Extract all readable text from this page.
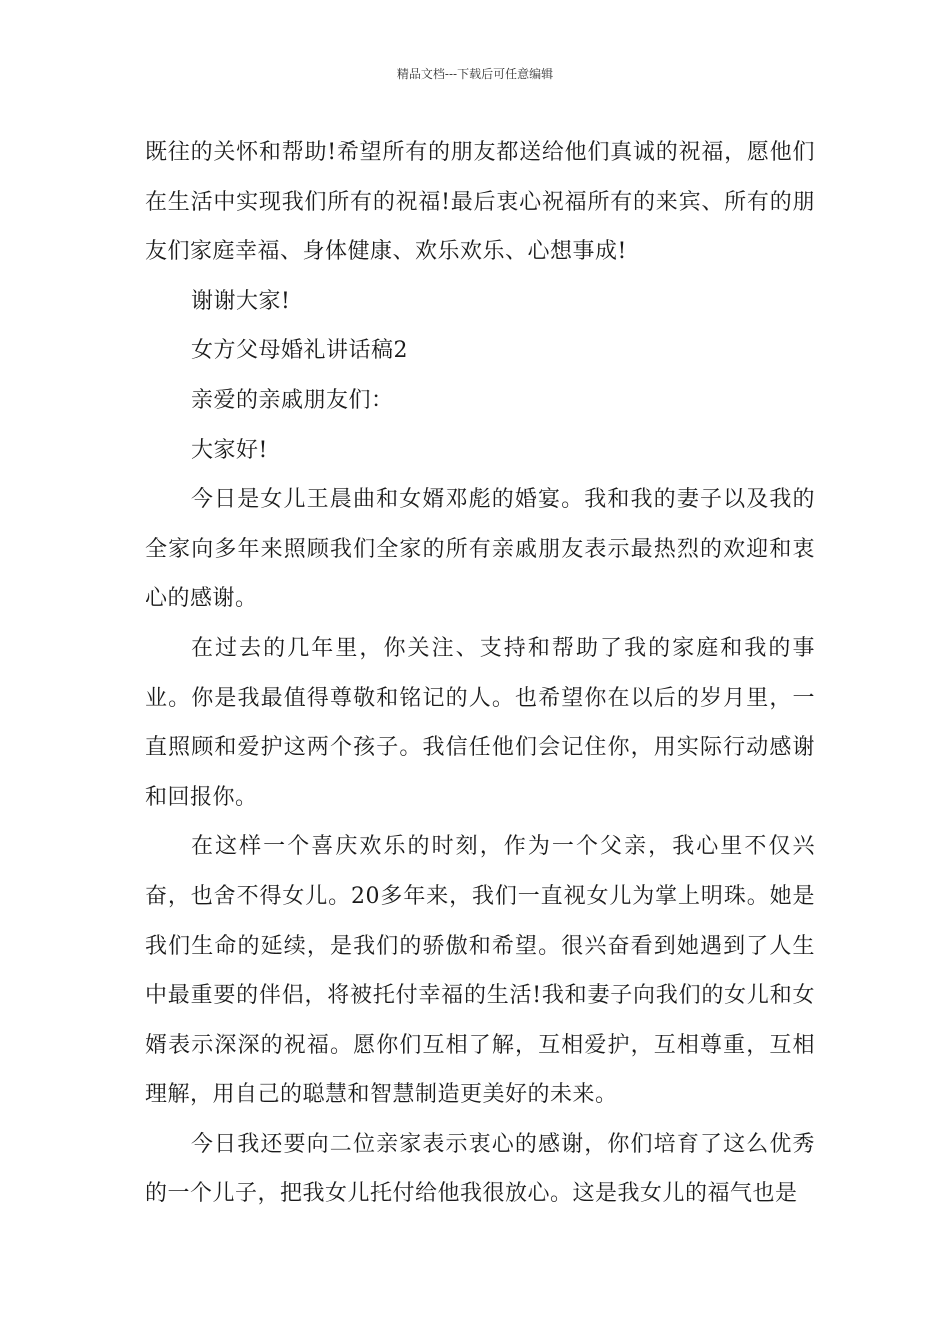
精品文档---下载后可任意编辑

既往的关怀和帮助!希望所有的朋友都送给他们真诚的祝福，愿他们在生活中实现我们所有的祝福!最后衷心祝福所有的来宾、所有的朋友们家庭幸福、身体健康、欢乐欢乐、心想事成!

谢谢大家!

女方父母婚礼讲话稿2

亲爱的亲戚朋友们：

大家好!

今日是女儿王晨曲和女婿邓彪的婚宴。我和我的妻子以及我的全家向多年来照顾我们全家的所有亲戚朋友表示最热烈的欢迎和衷心的感谢。

在过去的几年里，你关注、支持和帮助了我的家庭和我的事业。你是我最值得尊敬和铭记的人。也希望你在以后的岁月里，一直照顾和爱护这两个孩子。我信任他们会记住你，用实际行动感谢和回报你。

在这样一个喜庆欢乐的时刻，作为一个父亲，我心里不仅兴奋，也舍不得女儿。20多年来，我们一直视女儿为掌上明珠。她是我们生命的延续，是我们的骄傲和希望。很兴奋看到她遇到了人生中最重要的伴侣，将被托付幸福的生活!我和妻子向我们的女儿和女婿表示深深的祝福。愿你们互相了解，互相爱护，互相尊重，互相理解，用自己的聪慧和智慧制造更美好的未来。

今日我还要向二位亲家表示衷心的感谢，你们培育了这么优秀的一个儿子，把我女儿托付给他我很放心。这是我女儿的福气也是
